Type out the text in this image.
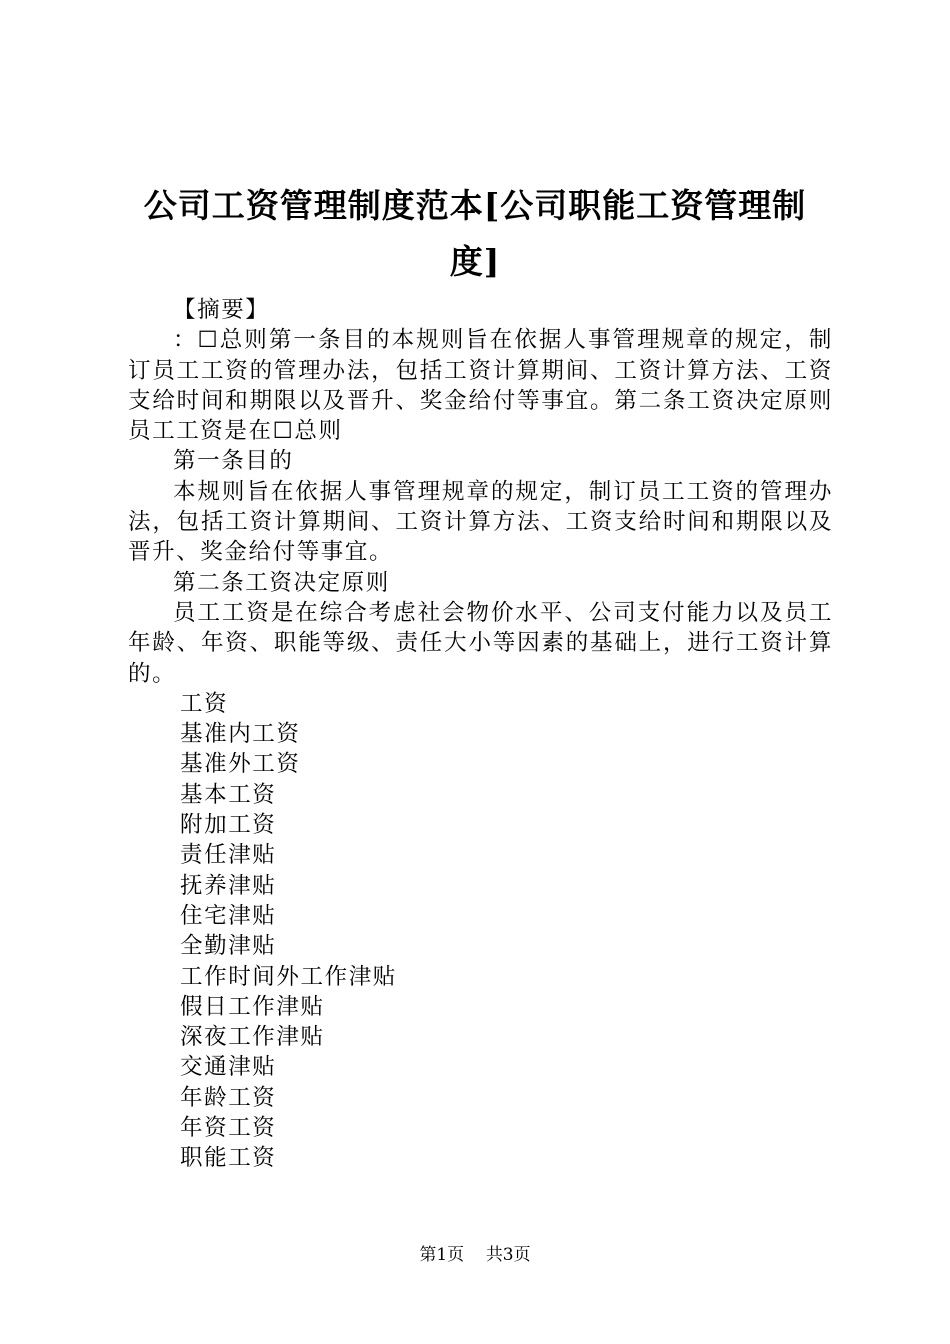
公司工资管理制度范本[公司职能工资管理制度]

【摘要】

：☐总则第一条目的本规则旨在依据人事管理规章的规定，制订员工工资的管理办法，包括工资计算期间、工资计算方法、工资支给时间和期限以及晋升、奖金给付等事宜。第二条工资决定原则员工工资是在☐总则

第一条目的

本规则旨在依据人事管理规章的规定，制订员工工资的管理办法，包括工资计算期间、工资计算方法、工资支给时间和期限以及晋升、奖金给付等事宜。

第二条工资决定原则

员工工资是在综合考虑社会物价水平、公司支付能力以及员工年龄、年资、职能等级、责任大小等因素的基础上，进行工资计算的。

工资

基准内工资

基准外工资

基本工资

附加工资

责任津贴

抚养津贴

住宅津贴

全勤津贴

工作时间外工作津贴

假日工作津贴

深夜工作津贴

交通津贴

年龄工资

年资工资

职能工资

第1页 共3页
